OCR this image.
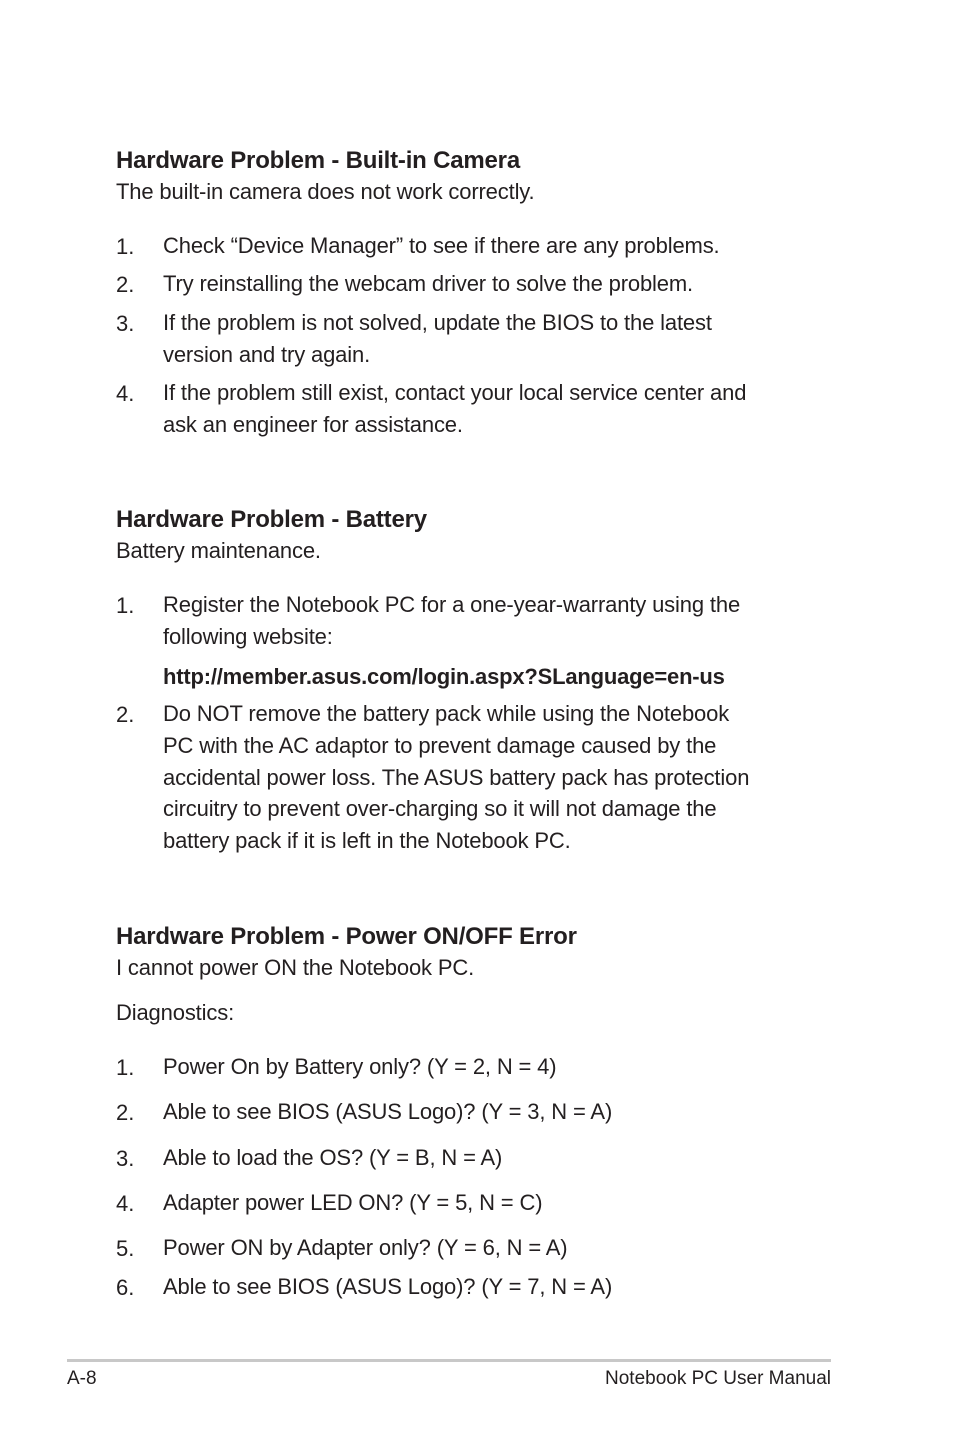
Hardware Problem - Built-in Camera
The built-in camera does not work correctly.
1. Check “Device Manager” to see if there are any problems.
2. Try reinstalling the webcam driver to solve the problem.
3. If the problem is not solved, update the BIOS to the latest
version and try again.
4. If the problem still exist, contact your local service center and
ask an engineer for assistance.
Hardware Problem - Battery
Battery maintenance.
1. Register the Notebook PC for a one-year-warranty using the
following website:
http://member.asus.com/login.aspx?SLanguage=en-us
2. Do NOT remove the battery pack while using the Notebook
PC with the AC adaptor to prevent damage caused by the
accidental power loss. The ASUS battery pack has protection
circuitry to prevent over-charging so it will not damage the
battery pack if it is left in the Notebook PC.
Hardware Problem - Power ON/OFF Error
I cannot power ON the Notebook PC.
Diagnostics:
1. Power On by Battery only? (Y = 2, N = 4)
2. Able to see BIOS (ASUS Logo)? (Y = 3, N = A)
3. Able to load the OS? (Y = B, N = A)
4. Adapter power LED ON? (Y = 5, N = C)
5. Power ON by Adapter only? (Y = 6, N = A)
6. Able to see BIOS (ASUS Logo)? (Y = 7, N = A)
A-8	Notebook PC User Manual
